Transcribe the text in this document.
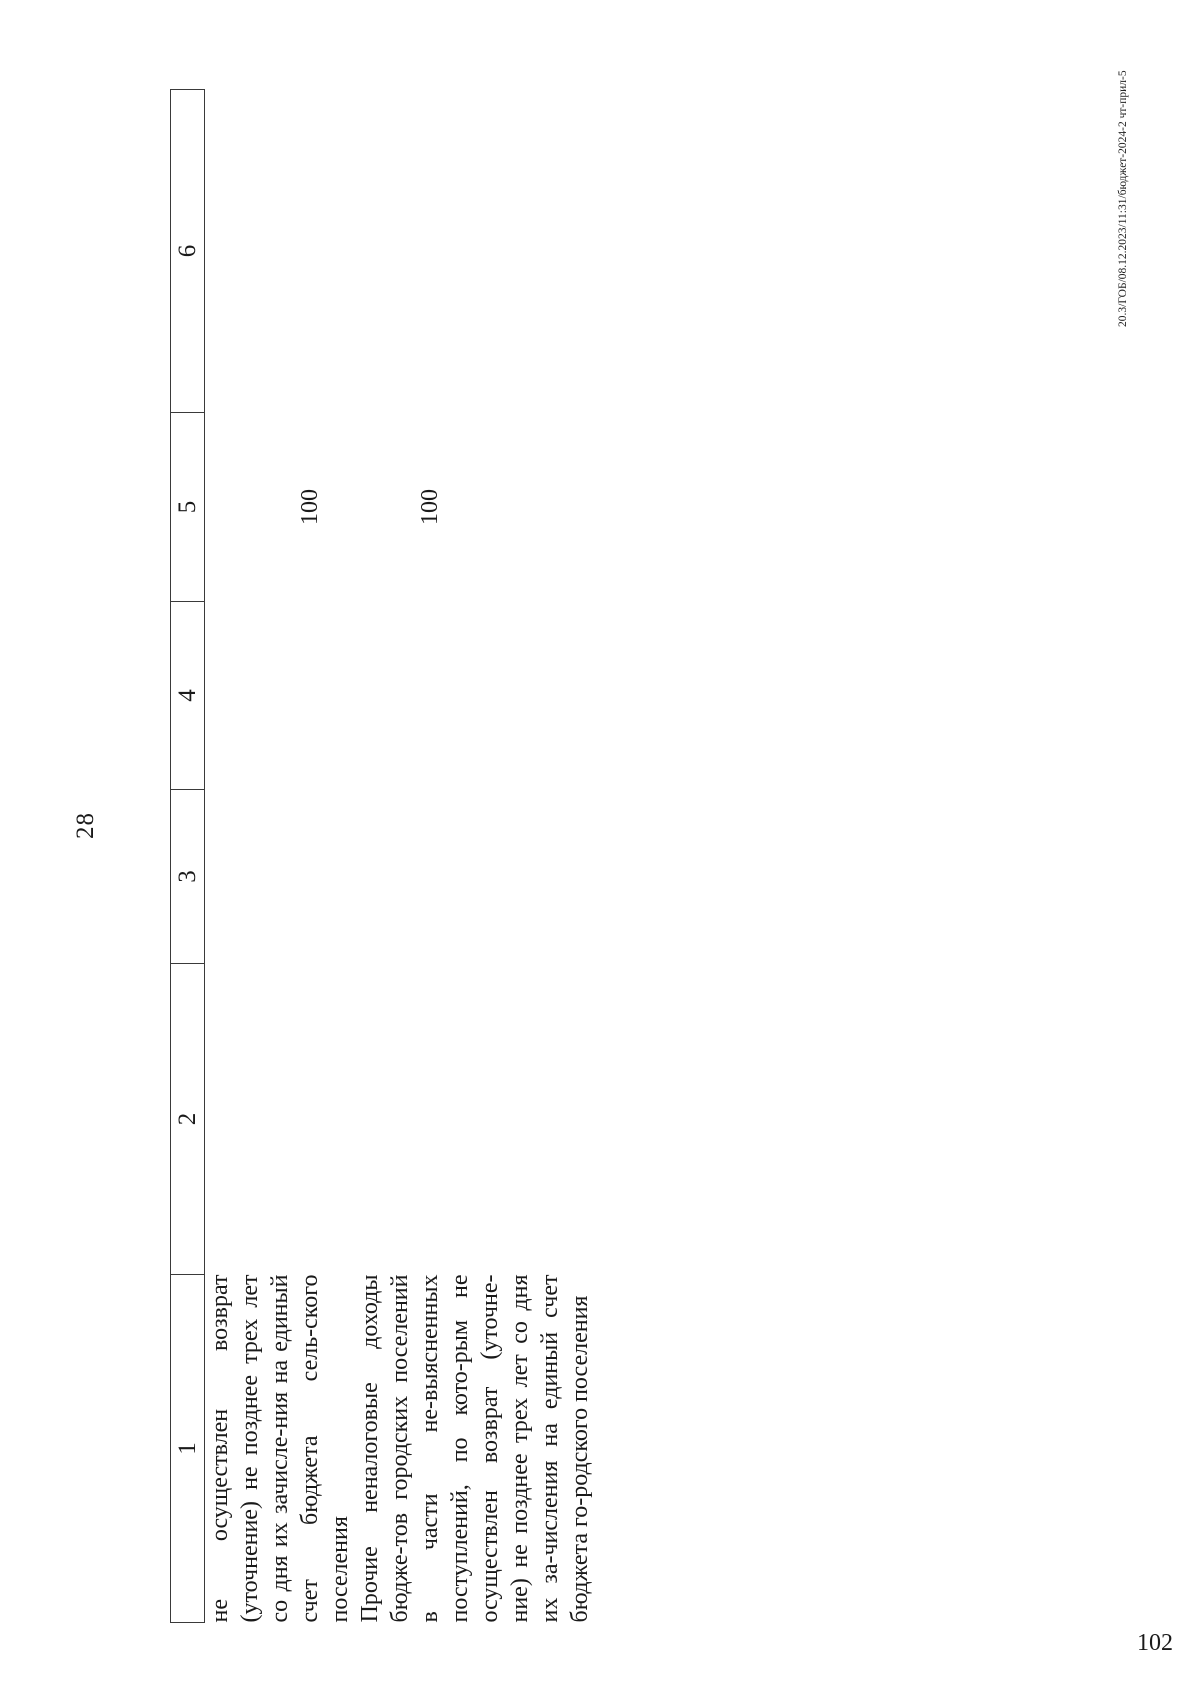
28
1	2	3	4	5	6
не осуществлен возврат (уточнение) не позднее трех лет со дня их зачисле-ния на единый счет бюджета сель-ского поселения				100	
Прочие неналоговые доходы бюдже-тов городских поселений в части не-выясненных поступлений, по кото-рым не осуществлен возврат (уточне-ние) не позднее трех лет со дня их за-числения на единый счет бюджета го-родского поселения				100	
20.3/ГОБ/08.12.2023/11:31/бюджет-2024-2 чт-прил-5
102
